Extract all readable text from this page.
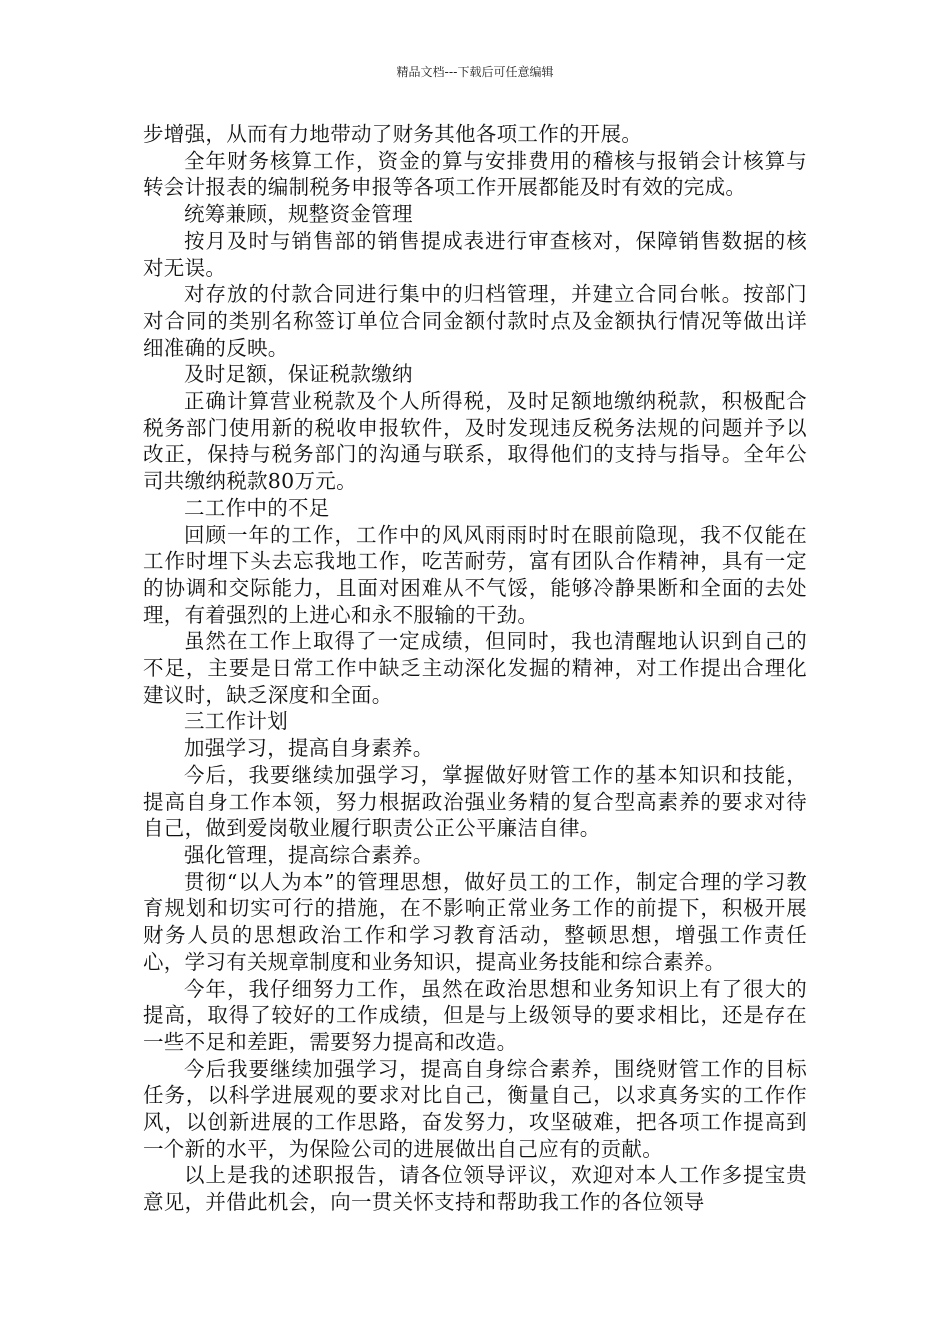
精品文档---下载后可任意编辑

步增强，从而有力地带动了财务其他各项工作的开展。

全年财务核算工作，资金的算与安排费用的稽核与报销会计核算与转会计报表的编制税务申报等各项工作开展都能及时有效的完成。

统筹兼顾，规整资金管理

按月及时与销售部的销售提成表进行审查核对，保障销售数据的核对无误。

对存放的付款合同进行集中的归档管理，并建立合同台帐。按部门对合同的类别名称签订单位合同金额付款时点及金额执行情况等做出详细准确的反映。

及时足额，保证税款缴纳

正确计算营业税款及个人所得税，及时足额地缴纳税款，积极配合税务部门使用新的税收申报软件，及时发现违反税务法规的问题并予以改正，保持与税务部门的沟通与联系，取得他们的支持与指导。全年公司共缴纳税款80万元。

二工作中的不足

回顾一年的工作，工作中的风风雨雨时时在眼前隐现，我不仅能在工作时埋下头去忘我地工作，吃苦耐劳，富有团队合作精神，具有一定的协调和交际能力，且面对困难从不气馁，能够冷静果断和全面的去处理，有着强烈的上进心和永不服输的干劲。

虽然在工作上取得了一定成绩，但同时，我也清醒地认识到自己的不足，主要是日常工作中缺乏主动深化发掘的精神，对工作提出合理化建议时，缺乏深度和全面。

三工作计划

加强学习，提高自身素养。

今后，我要继续加强学习，掌握做好财管工作的基本知识和技能，提高自身工作本领，努力根据政治强业务精的复合型高素养的要求对待自己，做到爱岗敬业履行职责公正公平廉洁自律。

强化管理，提高综合素养。

贯彻“以人为本”的管理思想，做好员工的工作，制定合理的学习教育规划和切实可行的措施，在不影响正常业务工作的前提下，积极开展财务人员的思想政治工作和学习教育活动，整顿思想，增强工作责任心，学习有关规章制度和业务知识，提高业务技能和综合素养。

今年，我仔细努力工作，虽然在政治思想和业务知识上有了很大的提高，取得了较好的工作成绩，但是与上级领导的要求相比，还是存在一些不足和差距，需要努力提高和改造。

今后我要继续加强学习，提高自身综合素养，围绕财管工作的目标任务，以科学进展观的要求对比自己，衡量自己，以求真务实的工作作风，以创新进展的工作思路，奋发努力，攻坚破难，把各项工作提高到一个新的水平，为保险公司的进展做出自己应有的贡献。

以上是我的述职报告，请各位领导评议，欢迎对本人工作多提宝贵意见，并借此机会，向一贯关怀支持和帮助我工作的各位领导
